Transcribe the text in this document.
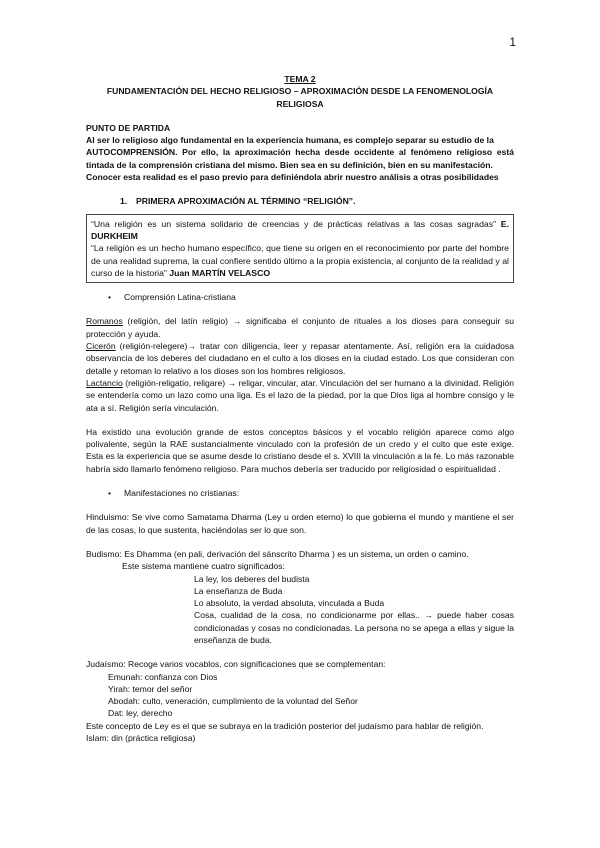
1

TEMA 2

FUNDAMENTACIÓN DEL HECHO RELIGIOSO – APROXIMACIÓN DESDE LA FENOMENOLOGÍA RELIGIOSA

PUNTO DE PARTIDA

Al ser lo religioso algo fundamental en la experiencia humana, es complejo separar su estudio de la

AUTOCOMPRENSIÓN. Por ello, la aproximación hecha desde occidente al fenómeno religioso está tintada de la comprensión cristiana del mismo. Bien sea en su definición, bien en su manifestación.

Conocer esta realidad es el paso previo para definiéndola abrir nuestro análisis a otras posibilidades

1. PRIMERA APROXIMACIÓN AL TÉRMINO “RELIGIÓN”.

“Una religión es un sistema solidario de creencias y de prácticas relativas a las cosas sagradas” E. DURKHEIM

“La religión es un hecho humano específico, que tiene su origen en el reconocimiento por parte del hombre de una realidad suprema, la cual confiere sentido último a la propia existencia, al conjunto de la realidad y al curso de la historia” Juan MARTÍN VELASCO

• Comprensión Latina-cristiana

Romanos (religión, del latín religio) → significaba el conjunto de rituales a los dioses para conseguir su protección y ayuda.

Cicerón (religión-relegere)→ tratar con diligencia, leer y repasar atentamente. Así, religión era la cuidadosa observancia de los deberes del ciudadano en el culto a los dioses en la ciudad estado. Los que consideran con detalle y retoman lo relativo a los dioses son los hombres religiosos.

Lactancio (religión-religatio, religare) → religar, vincular, atar. Vinculación del ser humano a la divinidad. Religión se entendería como un lazo como una liga. Es el lazo de la piedad, por la que Dios liga al hombre consigo y le ata a sí. Religión sería vinculación.

Ha existido una evolución grande de estos conceptos básicos y el vocablo religión aparece como algo polivalente, según la RAE sustancialmente vinculado con la profesión de un credo y el culto que este exige. Esta es la experiencia que se asume desde lo cristiano desde el s. XVIII la vinculación a la fe. Lo más razonable habría sido llamarlo fenómeno religioso. Para muchos debería ser traducido por religiosidad o espiritualidad .

• Manifestaciones no cristianas:

Hinduismo: Se vive como Samatama Dharma (Ley u orden eterno) lo que gobierna el mundo y mantiene el ser de las cosas, lo que sustenta, haciéndolas ser lo que son.

Budismo: Es Dhamma (en pali, derivación del sánscrito Dharma ) es un sistema, un orden o camino.

Este sistema mantiene cuatro significados:

La ley, los deberes del budista

La enseñanza de Buda

Lo absoluto, la verdad absoluta, vinculada a Buda

Cosa, cualidad de la cosa, no condicionarme por ellas.. → puede haber cosas condicionadas y cosas no condicionadas. La persona no se apega a ellas y sigue la enseñanza de buda.

Judaísmo: Recoge varios vocablos, con significaciones que se complementan:

Emunah: confianza con Dios

Yirah: temor del señor

Abodah: culto, veneración, cumplimiento de la voluntad del Señor

Dat: ley, derecho

Este concepto de Ley es el que se subraya en la tradición posterior del judaísmo para hablar de religión.

Islam: din (práctica religiosa)
